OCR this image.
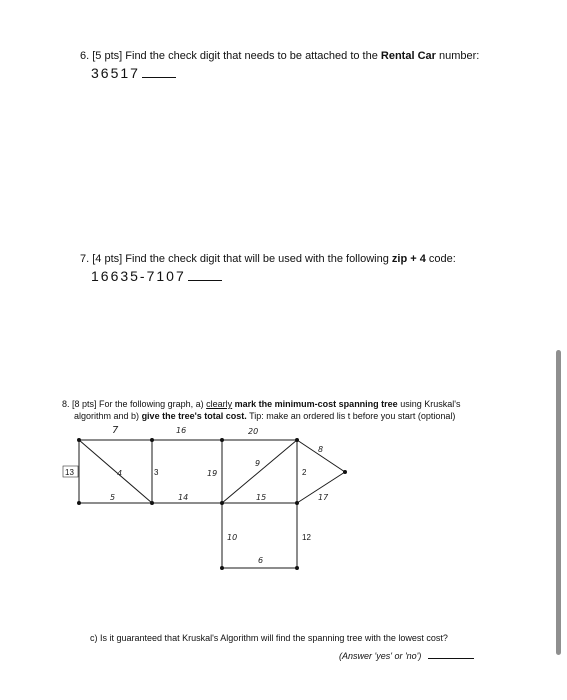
6. [5 pts] Find the check digit that needs to be attached to the Rental Car number:
36517
7. [4 pts] Find the check digit that will be used with the following zip + 4 code:
16635-7107
8. [8 pts] For the following graph, a) clearly mark the minimum-cost spanning tree using Kruskal's
algorithm and b) give the tree's total cost. Tip: make an ordered lis t before you start (optional)
7	16	20
8
4	19
9
5	14	15	17
10
6
13	3	2
12
c) Is it guaranteed that Kruskal's Algorithm will find the spanning tree with the lowest cost?
(Answer 'yes' or 'no')
